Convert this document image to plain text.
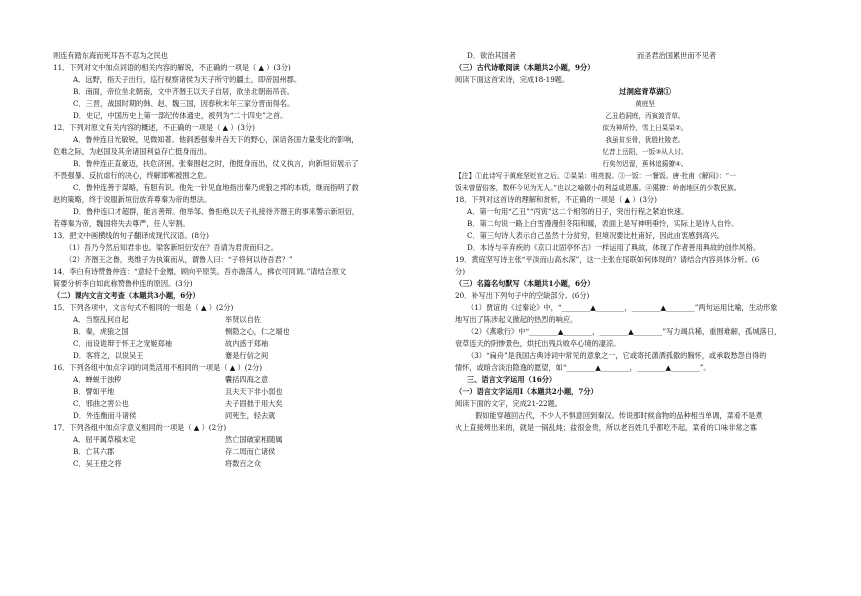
则连有踏东海而死耳吾不忍为之民也
11．下列对文中加点词语的相关内容的解说，不正确的一项是（ ▲ ）(3分)
A．远野，指天子出行，巡行视察诸侯为天子所守的疆土，即帝国州郡。
B．南面，帝位坐北朝南，文中齐湣王以天子自居，欲坐北朝南吊丧。
C．三晋，战国时期的韩、赵、魏三国，因春秋末年三家分晋而得名。
D．史记，中国历史上第一部纪传体通史，被列为“二十四史”之首。
12．下列对原文有关内容的概述，不正确的一项是（ ▲ ）(3分)
A．鲁仲连目光敏锐，见微知著。他洞悉强秦并吞天下的野心，深谙各国力量变化的影响，
危难之际，为赵国及其余诸国利益存亡挺身而出。
B．鲁仲连正直豪迈，扶危济困。张秦围赵之时，他挺身而出，仗义执言，向新垣衍展示了
不畏强暴、反抗虐行的决心，终解邯郸被围之危。
C．鲁仲连善于谋略，有胆有识。他先一针见血地指出秦乃虎狼之邦的本质，继而指明了救
赵的策略，终于说服新垣衍放弃尊秦为帝的想法。
D．鲁仲连口才超群，能言善辩。他举邹、鲁拒绝以天子礼接待齐湣王的事来警示新垣衍，
若尊秦为帝，魏国将失去尊严，任人宰割。
13．把文中画横线的句子翻译成现代汉语。(8分)
（1）吾乃今然后知君非也。梁客新垣衍安在？吾请为君责而归之。
（2）齐湣王之鲁，夷维子为执策而从，谓鲁人曰：“子将何以待吾君？”
14．李白有诗赞鲁仲连：“意轻千金赠，顾向平原笑。吾亦澹荡人，拂衣可同调。”请结合原文
简要分析李白如此称赞鲁仲连的原因。(3分)
（二）课内文言文考查（本题共3小题，6分）
15．下列各项中，文言句式不相同的一组是（ ▲ ）(2分)
A．当察乱何自起	举贤以自佐
B．秦，虎狼之国	恻隐之心，仁之端也
C．而设诡辩于怀王之宠姬郑袖	故内惑于郑袖
D．客将之，以说吴王	蹇是行信之间
16．下列各组中加点字词的词类活用不相同的一项是（ ▲ ）(2分)
A．蝉蜕于浊秽	囊括四海之意
B．譬如平地	且夫天下非小弱也
C．邪曲之害公也	夫子固拙于用大矣
D．外连衡而斗诸侯	同死生，轻去就
17．下列各组中加点字意义相同的一项是（ ▲ ）(2分)
A．屈平属草稿未定	然亡国破家相随属
B．亡其六郡	存二周而亡诸侯
C．吴王使之将	将数百之众
D．欲治其国者	而圣君治国累世而不见者
（三）古代诗歌阅读（本题共2小题，9分）
阅读下面这首宋诗，完成18-19题。
过洞庭青草湖①
黄庭坚
乙丑趋洞庭，丙寅渡青草。
似为神所怜，雪上日杲杲②。
我虽贫至骨，犹胜杜陵老。
忆昔上岳阳，一饭③从人讨。
行矣勿迟留，蕉林追獦獠④。
【注】①此诗写于黄庭坚贬官之后。②杲杲：明亮貌。③一饭：一餐饭。唐·杜甫《解闷》：“一
饭未曾留俗客，数杯今见为无人。”也以之喻微小的利益或恩惠。④獦獠：岭南地区的少数民族。
18．下列对这首诗的理解和赏析，不正确的一项是（ ▲ ）(3分)
A．第一句用“乙丑”“丙寅”这二个相邻的日子，突出行程之紧迫快速。
B．第二句说一路上白雪漫漫但冬阳和暖，表面上是写神明垂怜，实际上是诗人自怜。
C．第三句诗人表示自己虽然十分贫穷，但境况要比杜甫好，因此由衷感到高兴。
D．本诗与辛弃疾的《京口北固亭怀古》一样运用了典故，体现了作者善用典故的创作风格。
19．黄庭坚写诗主张“平淡而山高水深”，这一主张在尾联如何体现的？请结合内容具体分析。(6
分)
（三）名篇名句默写（本题共1小题，6分）
20．补写出下列句子中的空缺部分。(6分)
（1）贾谊的《过秦论》中，“________▲________，________▲________”两句运用比喻，生动形象
地写出了陈涉起义掀起的热烈的响应。
（2）《燕歌行》中“________▲________，________▲________”写力竭兵稀，重围难解，孤城落日，
衰草连天的阴惨景色，烘托出残兵败卒心境的凄凉。
（3）“扁舟”是我国古典诗词中常见的意象之一，它或寄托潇洒孤傲的胸怀，或承载愁怨自得的
情怀，或暗含淡泊隐逸的愿望，如“________▲________，________▲________”。
三、语言文字运用（16分）
（一）语言文字运用Ⅰ（本题共2小题，7分）
阅读下面的文字，完成21-22题。
假如能穿越回古代，不少人不惧意回到秦汉。传说那时候食物的品种相当单调，菜肴不是煮
火上直接烤出来的，就是一锅乱炖；盐很金贵，所以老百姓几乎都吃不起，菜肴的口味非常之寡
